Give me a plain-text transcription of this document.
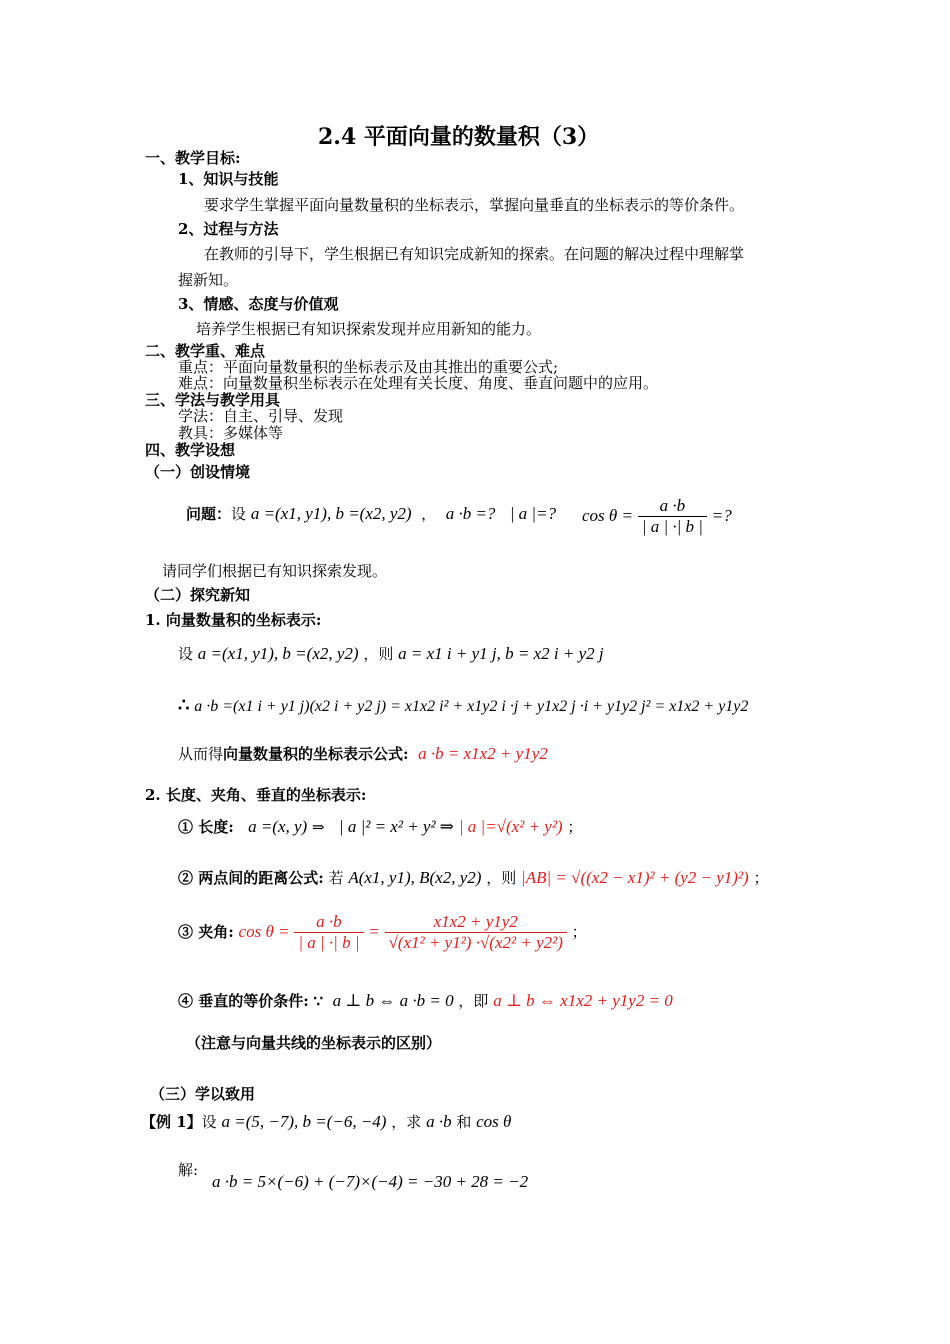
2.4 平面向量的数量积（3）
一、教学目标:
1、知识与技能
要求学生掌握平面向量数量积的坐标表示，掌握向量垂直的坐标表示的等价条件。
2、过程与方法
在教师的引导下，学生根据已有知识完成新知的探索。在问题的解决过程中理解掌
握新知。
3、情感、态度与价值观
培养学生根据已有知识探索发现并应用新知的能力。
二、教学重、难点
重点：平面向量数量积的坐标表示及由其推出的重要公式;
难点：向量数量积坐标表示在处理有关长度、角度、垂直问题中的应用。
三、学法与教学用具
学法：自主、引导、发现
教具：多媒体等
四、教学设想
（一）创设情境
问题：设 a =(x1, y1), b =(x2, y2)  ，  a ·b =? | a |=? $\cos \theta = \frac{a \cdot b}{| a | \cdot| b |}$ =?
请同学们根据已有知识探索发现。
（二）探究新知
1. 向量数量积的坐标表示:
设 a =(x1, y1), b =(x2, y2) ，则 a = x1 i + y1 j, b = x2 i + y2 j
∴ a ·b =(x1 i + y1 j)(x2 i + y2 j) = x1x2 i² + x1y2 i ·j + y1x2 j ·i + y1y2 j² = x1x2 + y1y2
从而得向量数量积的坐标表示公式: a ·b = x1x2 + y1y2
2. 长度、夹角、垂直的坐标表示:
① 长度: a =(x, y) ⇒ | a |² = x² + y² ⇒ | a |=√(x² + y²) ；
② 两点间的距离公式: 若 A(x1, y1), B(x2, y2) ，则 |AB| = √((x2 − x1)² + (y2 − y1)²) ；
③ 夹角: $\cos \theta = \frac{a \cdot b}{| a | \cdot| b |} = \frac{x1x2 + y1y2}{\text{√(x1² + y1²) ·√(x2² + y2²)}}$ ；
④ 垂直的等价条件: ∵ a ⊥ b ⇔ a ·b = 0 ，即 a ⊥ b ⇔ x1x2 + y1y2 = 0
（注意与向量共线的坐标表示的区别）
（三）学以致用
【例 1】设 a =(5, −7), b =(−6, −4) ，求 a ·b 和 cos θ
解:
a ·b = 5×(−6) + (−7)×(−4) = −30 + 28 = −2
